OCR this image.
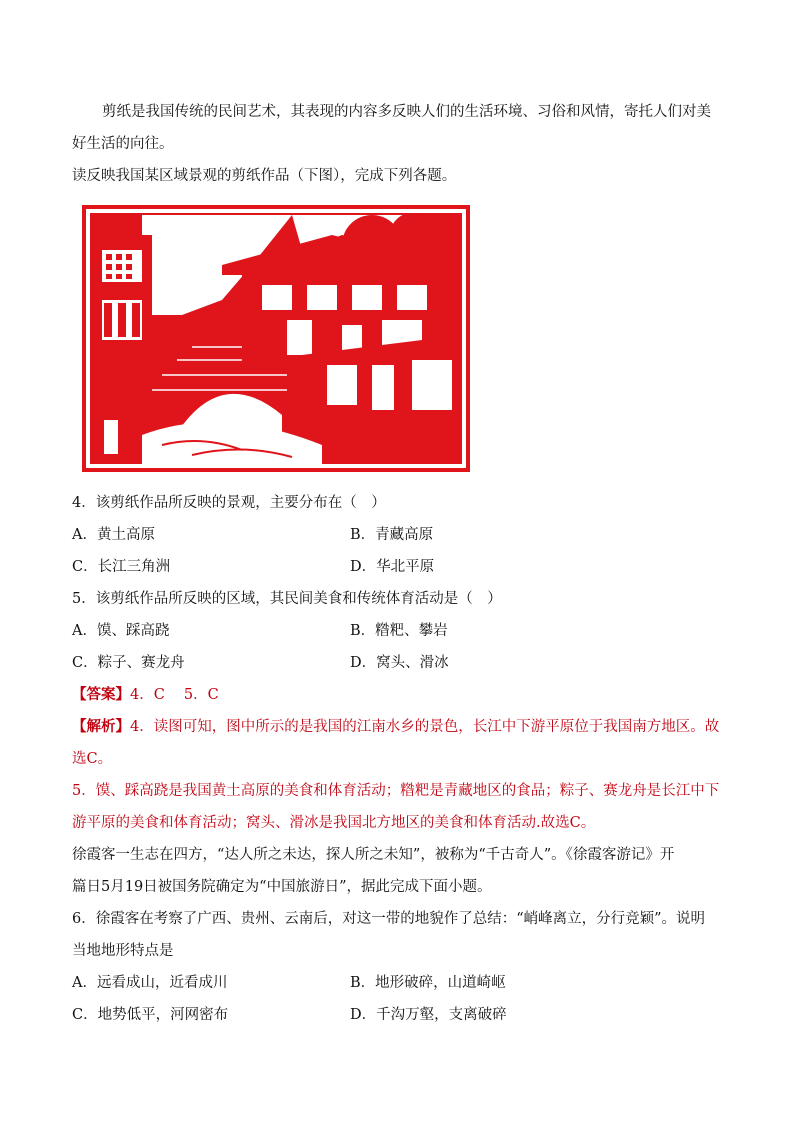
剪纸是我国传统的民间艺术，其表现的内容多反映人们的生活环境、习俗和风情，寄托人们对美
好生活的向往。
读反映我国某区域景观的剪纸作品（下图），完成下列各题。
4．该剪纸作品所反映的景观，主要分布在（　）
A．黄土高原	B．青藏高原
C．长江三角洲	D．华北平原
5．该剪纸作品所反映的区域，其民间美食和传统体育活动是（　）
A．馍、踩高跷	B．糌粑、攀岩
C．粽子、赛龙舟	D．窝头、滑冰
【答案】4．C　 5．C
【解析】4．读图可知，图中所示的是我国的江南水乡的景色，长江中下游平原位于我国南方地区。故
选C。
5．馍、踩高跷是我国黄土高原的美食和体育活动；糌粑是青藏地区的食品；粽子、赛龙舟是长江中下
游平原的美食和体育活动；窝头、滑冰是我国北方地区的美食和体育活动.故选C。
徐霞客一生志在四方，“达人所之未达，探人所之未知”，被称为“千古奇人”。《徐霞客游记》开
篇日5月19日被国务院确定为“中国旅游日”，据此完成下面小题。
6．徐霞客在考察了广西、贵州、云南后，对这一带的地貌作了总结：“峭峰离立，分行竞颖”。说明
当地地形特点是
A．远看成山，近看成川	B．地形破碎，山道崎岖
C．地势低平，河网密布	D．千沟万壑，支离破碎
